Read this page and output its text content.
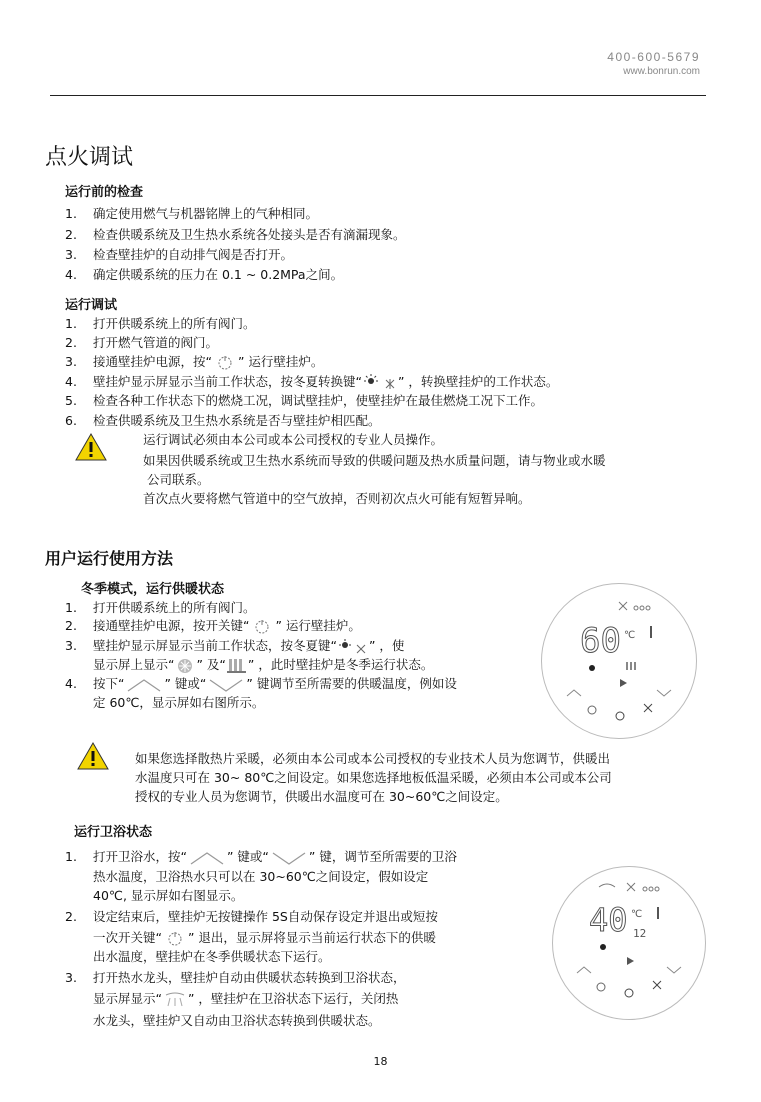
400-600-5679
www.bonrun.com
点火调试
运行前的检查
1. 确定使用燃气与机器铭牌上的气种相同。
2. 检查供暖系统及卫生热水系统各处接头是否有滴漏现象。
3. 检查壁挂炉的自动排气阀是否打开。
4. 确定供暖系统的压力在 0.1 ~ 0.2MPa之间。
运行调试
1. 打开供暖系统上的所有阀门。
2. 打开燃气管道的阀门。
3. 接通壁挂炉电源，按“ ” 运行壁挂炉。
4. 壁挂炉显示屏显示当前工作状态，按冬夏转换键“	” ，转换壁挂炉的工作状态。
5. 检查各种工作状态下的燃烧工况，调试壁挂炉，使壁挂炉在最佳燃烧工况下工作。
6. 检查供暖系统及卫生热水系统是否与壁挂炉相匹配。
运行调试必须由本公司或本公司授权的专业人员操作。
如果因供暖系统或卫生热水系统而导致的供暖问题及热水质量问题，请与物业或水暖
公司联系。
首次点火要将燃气管道中的空气放掉，否则初次点火可能有短暂异响。
用户运行使用方法
冬季模式，运行供暖状态
1. 打开供暖系统上的所有阀门。
2. 接通壁挂炉电源，按开关键“ ” 运行壁挂炉。
3. 壁挂炉显示屏显示当前工作状态，按冬夏键“	” ，使
显示屏上显示“ ” 及“ ” ，此时壁挂炉是冬季运行状态。
4. 按下“	” 键或“	” 键调节至所需要的供暖温度，例如设
定 60℃，显示屏如右图所示。
60 ℃
如果您选择散热片采暖，必须由本公司或本公司授权的专业技术人员为您调节，供暖出
水温度只可在 30~ 80℃之间设定。如果您选择地板低温采暖，必须由本公司或本公司
授权的专业人员为您调节，供暖出水温度可在 30~60℃之间设定。
运行卫浴状态
1. 打开卫浴水，按“	” 键或“	” 键，调节至所需要的卫浴
热水温度，卫浴热水只可以在 30~60℃之间设定，假如设定
40℃, 显示屏如右图显示。
2. 设定结束后，壁挂炉无按键操作 5S自动保存设定并退出或短按
一次开关键“ ” 退出，显示屏将显示当前运行状态下的供暖
出水温度，壁挂炉在冬季供暖状态下运行。
3. 打开热水龙头，壁挂炉自动由供暖状态转换到卫浴状态，
显示屏显示“ ” ，壁挂炉在卫浴状态下运行，关闭热
水龙头，壁挂炉又自动由卫浴状态转换到供暖状态。
40 ℃
12
18
